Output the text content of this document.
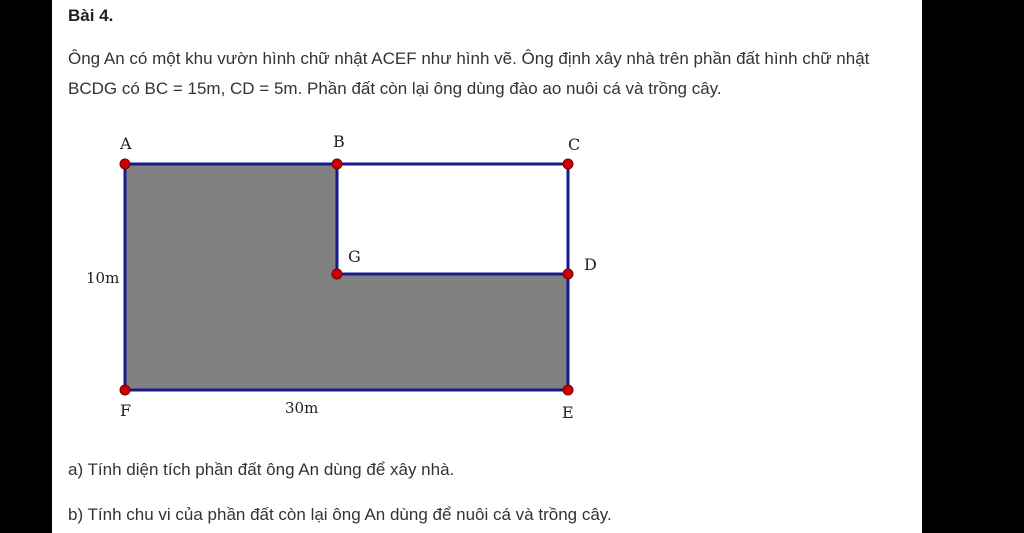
Bài 4.

Ông An có một khu vườn hình chữ nhật ACEF như hình vẽ. Ông định xây nhà trên phần đất hình chữ nhật BCDG có BC = 15m, CD = 5m. Phần đất còn lại ông dùng đào ao nuôi cá và trồng cây.

A	B	C
D
E
F
G
10m
30m

a) Tính diện tích phần đất ông An dùng để xây nhà.

b) Tính chu vi của phần đất còn lại ông An dùng để nuôi cá và trồng cây.
